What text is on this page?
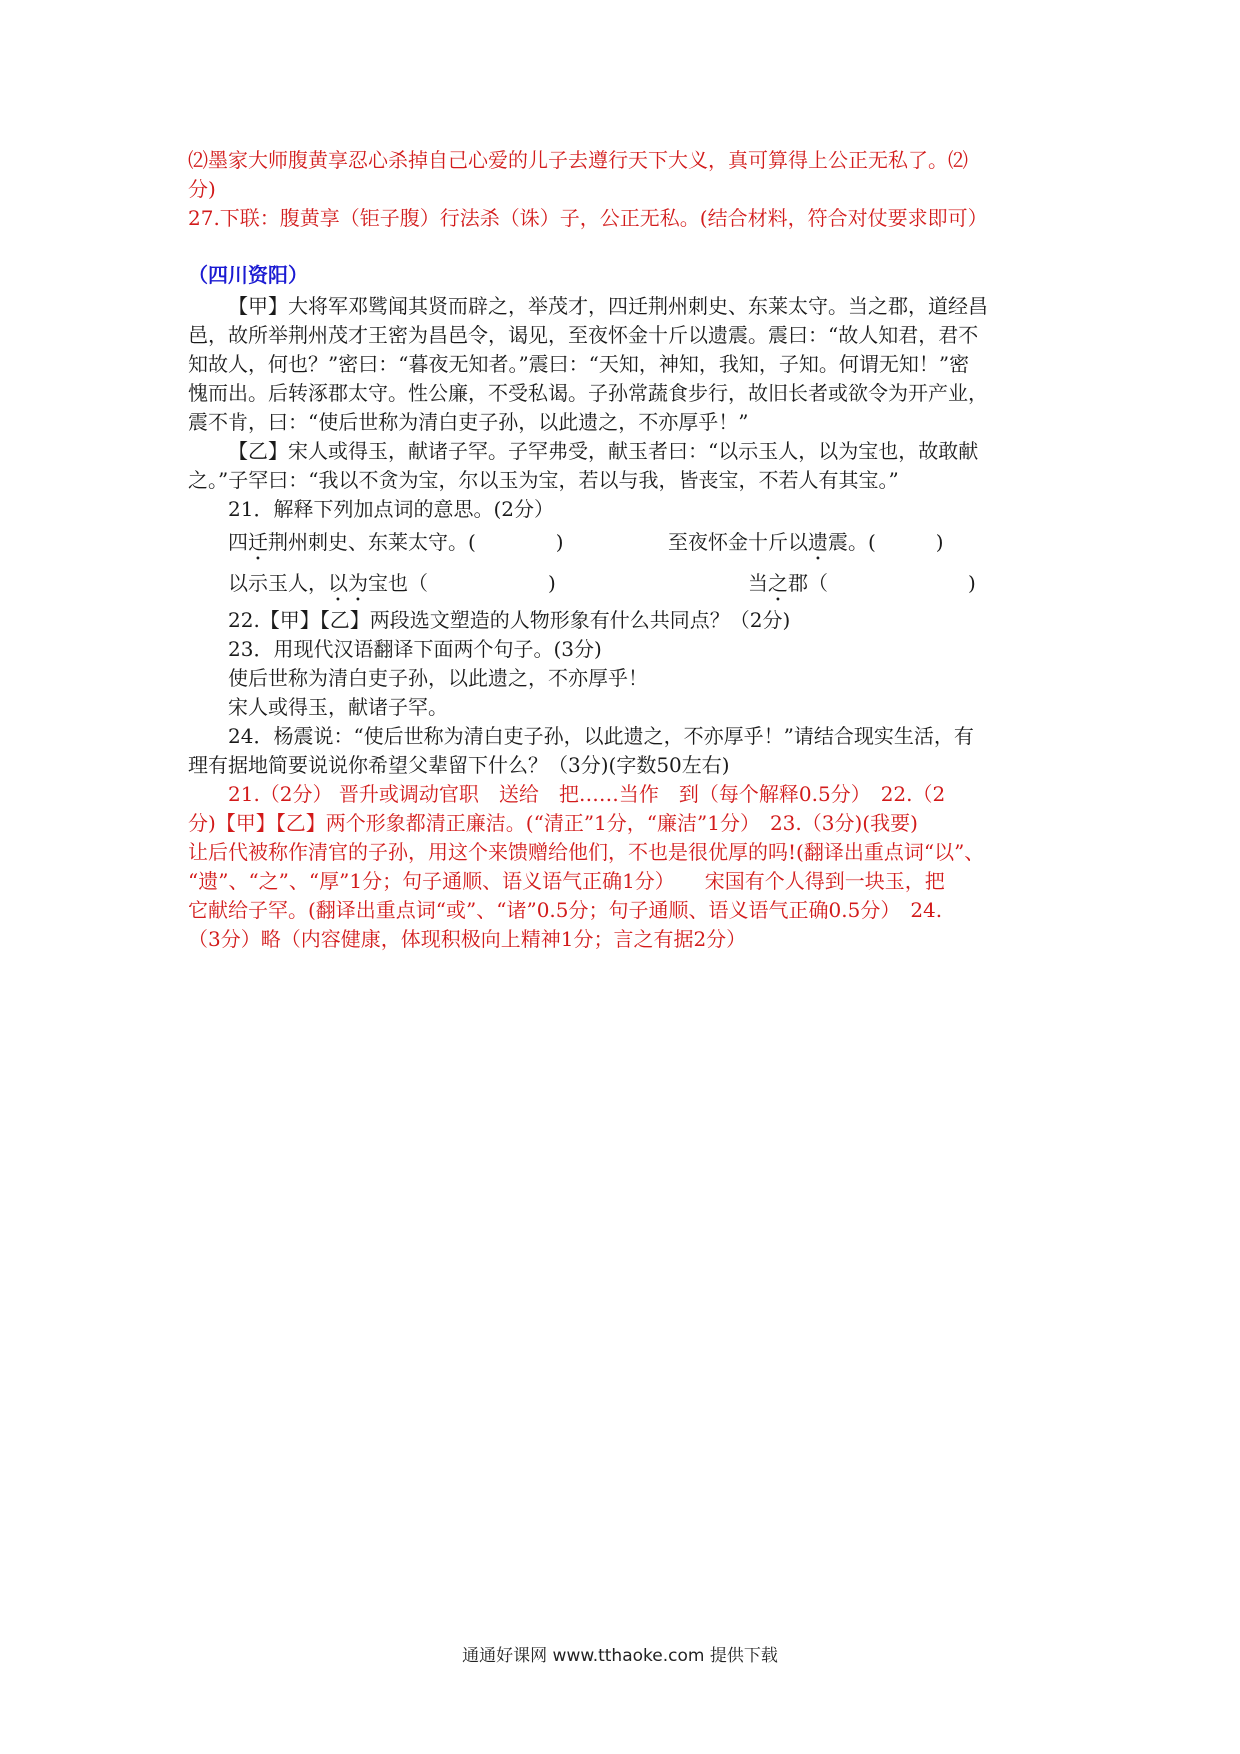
⑵墨家大师腹黄享忍心杀掉自己心爱的儿子去遵行天下大义，真可算得上公正无私了。⑵

分)

27.下联：腹黄享（钜子腹）行法杀（诛）子，公正无私。(结合材料，符合对仗要求即可）

（四川资阳）

【甲】大将军邓骘闻其贤而辟之，举茂才，四迁荆州刺史、东莱太守。当之郡，道经昌

邑，故所举荆州茂才王密为昌邑令，谒见，至夜怀金十斤以遗震。震曰：“故人知君，君不

知故人，何也？”密曰：“暮夜无知者。”震曰：“天知，神知，我知，子知。何谓无知！”密

愧而出。后转涿郡太守。性公廉，不受私谒。子孙常蔬食步行，故旧长者或欲令为开产业，

震不肯，曰：“使后世称为清白吏子孙，以此遗之，不亦厚乎！”

【乙】宋人或得玉，献诸子罕。子罕弗受，献玉者曰：“以示玉人，以为宝也，故敢献

之。”子罕曰：“我以不贪为宝，尔以玉为宝，若以与我，皆丧宝，不若人有其宝。”

21．解释下列加点词的意思。(2分）

四迁荆州刺史、东莱太守。(　　　　)	至夜怀金十斤以遗震。(　　　)
以示玉人，以为宝也（　　　　　　)	当之郡（　　　　　　　)

22.【甲】【乙】两段选文塑造的人物形象有什么共同点？（2分)

23．用现代汉语翻译下面两个句子。(3分)

使后世称为清白吏子孙，以此遗之，不亦厚乎！

宋人或得玉，献诸子罕。

24．杨震说：“使后世称为清白吏子孙，以此遗之，不亦厚乎！”请结合现实生活，有

理有据地简要说说你希望父辈留下什么？（3分)(字数50左右)

21.（2分） 晋升或调动官职　送给　把……当作　到（每个解释0.5分）　22.（2

分)【甲】【乙】两个形象都清正廉洁。(“清正”1分，“廉洁”1分）　23.（3分)(我要)

让后代被称作清官的子孙，用这个来馈赠给他们，不也是很优厚的吗!(翻译出重点词“以”、

“遗”、“之”、“厚”1分；句子通顺、语义语气正确1分）　　宋国有个人得到一块玉，把

它献给子罕。(翻译出重点词“或”、“诸”0.5分；句子通顺、语义语气正确0.5分）　24.

（3分）略（内容健康，体现积极向上精神1分；言之有据2分）

通通好课网 www.tthaoke.com 提供下载
